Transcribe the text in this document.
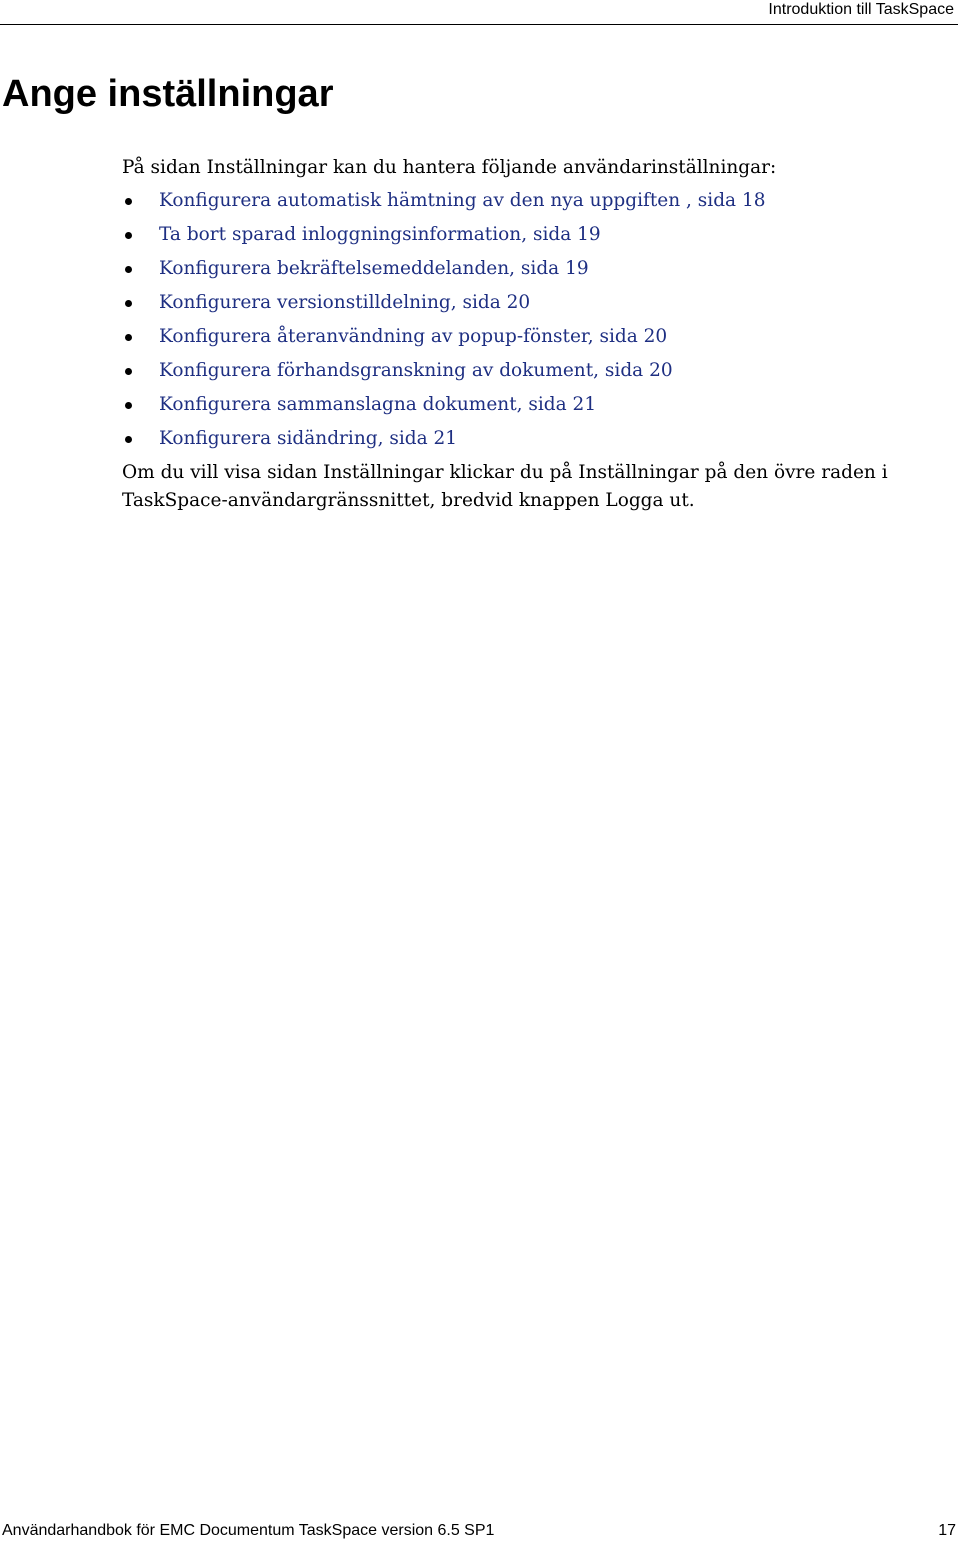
Introduktion till TaskSpace
Ange inställningar

På sidan Inställningar kan du hantera följande användarinställningar:

Konfigurera automatisk hämtning av den nya uppgiften , sida 18
Ta bort sparad inloggningsinformation, sida 19
Konfigurera bekräftelsemeddelanden, sida 19
Konfigurera versionstilldelning, sida 20
Konfigurera återanvändning av popup-fönster, sida 20
Konfigurera förhandsgranskning av dokument, sida 20
Konfigurera sammanslagna dokument, sida 21
Konfigurera sidändring, sida 21

Om du vill visa sidan Inställningar klickar du på Inställningar på den övre raden i TaskSpace-användargränssnittet, bredvid knappen Logga ut.

Användarhandbok för EMC Documentum TaskSpace version 6.5 SP1	17
